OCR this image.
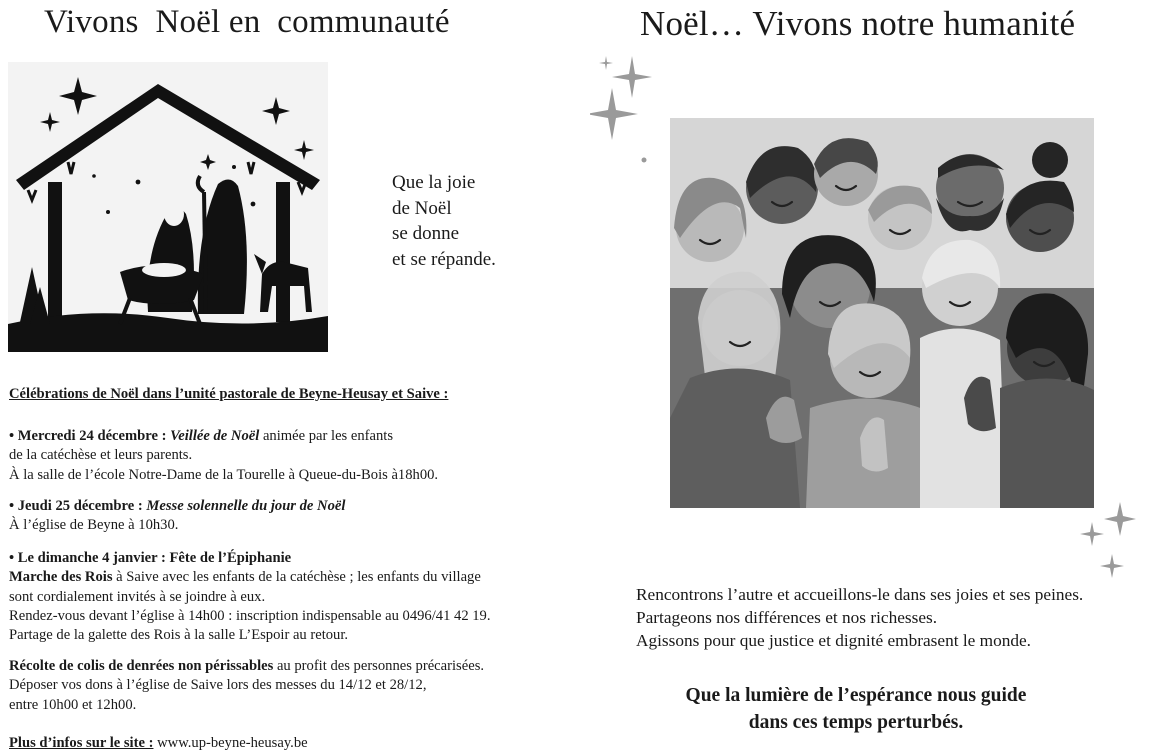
Vivons  Noël en  communauté
Que la joie
de Noël
se donne
et se répande.
Célébrations de Noël dans l’unité pastorale de Beyne-Heusay et Saive :
• Mercredi 24 décembre : Veillée de Noël animée par les enfants
de la catéchèse et leurs parents.
À la salle de l’école Notre-Dame de la Tourelle à Queue-du-Bois à18h00.
• Jeudi 25 décembre : Messe solennelle du jour de Noël
À l’église de Beyne à 10h30.
• Le dimanche 4 janvier : Fête de l’Épiphanie
Marche des Rois à Saive avec les enfants de la catéchèse ; les enfants du village
sont cordialement invités à se joindre à eux.
Rendez-vous devant l’église à 14h00 : inscription indispensable au 0496/41 42 19.
Partage de la galette des Rois à la salle L’Espoir au retour.
Récolte de colis de denrées non périssables au profit des personnes précarisées.
Déposer vos dons à l’église de Saive lors des messes du 14/12 et 28/12,
entre 10h00 et 12h00.
Plus d’infos sur le site : www.up-beyne-heusay.be
Noël… Vivons notre humanité
Rencontrons l’autre et accueillons-le dans ses joies et ses peines.
Partageons nos différences et nos richesses.
Agissons pour que justice et dignité embrasent le monde.
Que la lumière de l’espérance nous guide
dans ces temps perturbés.
